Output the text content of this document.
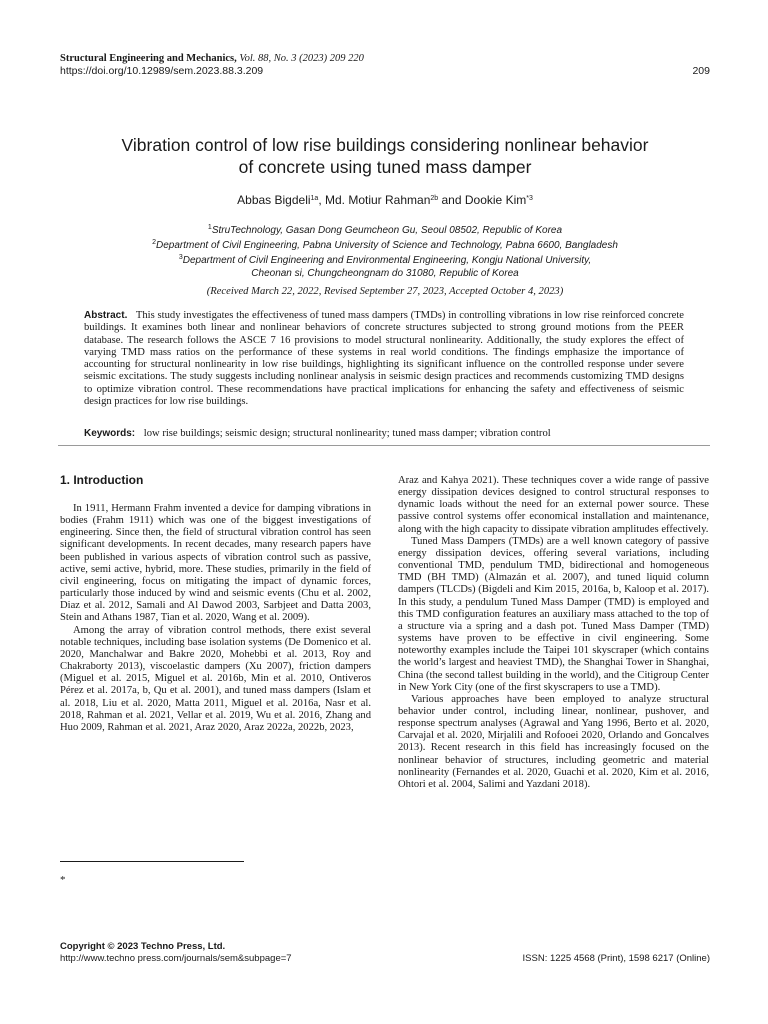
Structural Engineering and Mechanics, Vol. 88, No. 3 (2023) 209 220
https://doi.org/10.12989/sem.2023.88.3.209	209
Vibration control of low rise buildings considering nonlinear behavior
of concrete using tuned mass damper
Abbas Bigdeli$^{1a}$, Md. Motiur Rahman$^{2b}$ and Dookie Kim$^{*3}$
$^1$StruTechnology, Gasan Dong Geumcheon Gu, Seoul 08502, Republic of Korea
$^2$Department of Civil Engineering, Pabna University of Science and Technology, Pabna 6600, Bangladesh
$^3$Department of Civil Engineering and Environmental Engineering, Kongju National University,
Cheonan si, Chungcheongnam do 31080, Republic of Korea
(Received March 22, 2022, Revised September 27, 2023, Accepted October 4, 2023)
Abstract. This study investigates the effectiveness of tuned mass dampers (TMDs) in controlling vibrations in low rise reinforced concrete buildings. It examines both linear and nonlinear behaviors of concrete structures subjected to strong ground motions from the PEER database. The research follows the ASCE 7 16 provisions to model structural nonlinearity. Additionally, the study explores the effect of varying TMD mass ratios on the performance of these systems in real world conditions. The findings emphasize the importance of accounting for structural nonlinearity in low rise buildings, highlighting its significant influence on the controlled response under severe seismic excitations. The study suggests including nonlinear analysis in seismic design practices and recommends customizing TMD designs to optimize vibration control. These recommendations have practical implications for enhancing the safety and effectiveness of seismic design practices for low rise buildings.
Keywords: low rise buildings; seismic design; structural nonlinearity; tuned mass damper; vibration control
1. Introduction

In 1911, Hermann Frahm invented a device for damping vibrations in bodies (Frahm 1911) which was one of the biggest investigations of engineering. Since then, the field of structural vibration control has seen significant developments. In recent decades, many research papers have been published in various aspects of vibration control such as passive, active, semi active, hybrid, more. These studies, primarily in the field of civil engineering, focus on mitigating the impact of dynamic forces, particularly those induced by wind and seismic events (Chu et al. 2002, Diaz et al. 2012, Samali and Al Dawod 2003, Sarbjeet and Datta 2003, Stein and Athans 1987, Tian et al. 2020, Wang et al. 2009).

Among the array of vibration control methods, there exist several notable techniques, including base isolation systems (De Domenico et al. 2020, Manchalwar and Bakre 2020, Mohebbi et al. 2013, Roy and Chakraborty 2013), viscoelastic dampers (Xu 2007), friction dampers (Miguel et al. 2015, Miguel et al. 2016b, Min et al. 2010, Ontiveros Pérez et al. 2017a, b, Qu et al. 2001), and tuned mass dampers (Islam et al. 2018, Liu et al. 2020, Matta 2011, Miguel et al. 2016a, Nasr et al. 2018, Rahman et al. 2021, Vellar et al. 2019, Wu et al. 2016, Zhang and Huo 2009, Rahman et al. 2021, Araz 2020, Araz 2022a, 2022b, 2023,

Araz and Kahya 2021). These techniques cover a wide range of passive energy dissipation devices designed to control structural responses to dynamic loads without the need for an external power source. These passive control systems offer economical installation and maintenance, along with the high capacity to dissipate vibration amplitudes effectively.

Tuned Mass Dampers (TMDs) are a well known category of passive energy dissipation devices, offering several variations, including conventional TMD, pendulum TMD, bidirectional and homogeneous TMD (BH TMD) (Almazán et al. 2007), and tuned liquid column dampers (TLCDs) (Bigdeli and Kim 2015, 2016a, b, Kaloop et al. 2017). In this study, a pendulum Tuned Mass Damper (TMD) is employed and this TMD configuration features an auxiliary mass attached to the top of a structure via a spring and a dash pot. Tuned Mass Damper (TMD) systems have proven to be effective in civil engineering. Some noteworthy examples include the Taipei 101 skyscraper (which contains the world’s largest and heaviest TMD), the Shanghai Tower in Shanghai, China (the second tallest building in the world), and the Citigroup Center in New York City (one of the first skyscrapers to use a TMD).

Various approaches have been employed to analyze structural behavior under control, including linear, nonlinear, pushover, and response spectrum analyses (Agrawal and Yang 1996, Berto et al. 2020, Carvajal et al. 2020, Mirjalili and Rofooei 2020, Orlando and Goncalves 2013). Recent research in this field has increasingly focused on the nonlinear behavior of structures, including geometric and material nonlinearity (Fernandes et al. 2020, Guachi et al. 2020, Kim et al. 2016, Ohtori et al. 2004, Salimi and Yazdani 2018).

*
Copyright © 2023 Techno Press, Ltd.
http://www.techno press.com/journals/sem&subpage=7	ISSN: 1225 4568 (Print), 1598 6217 (Online)
